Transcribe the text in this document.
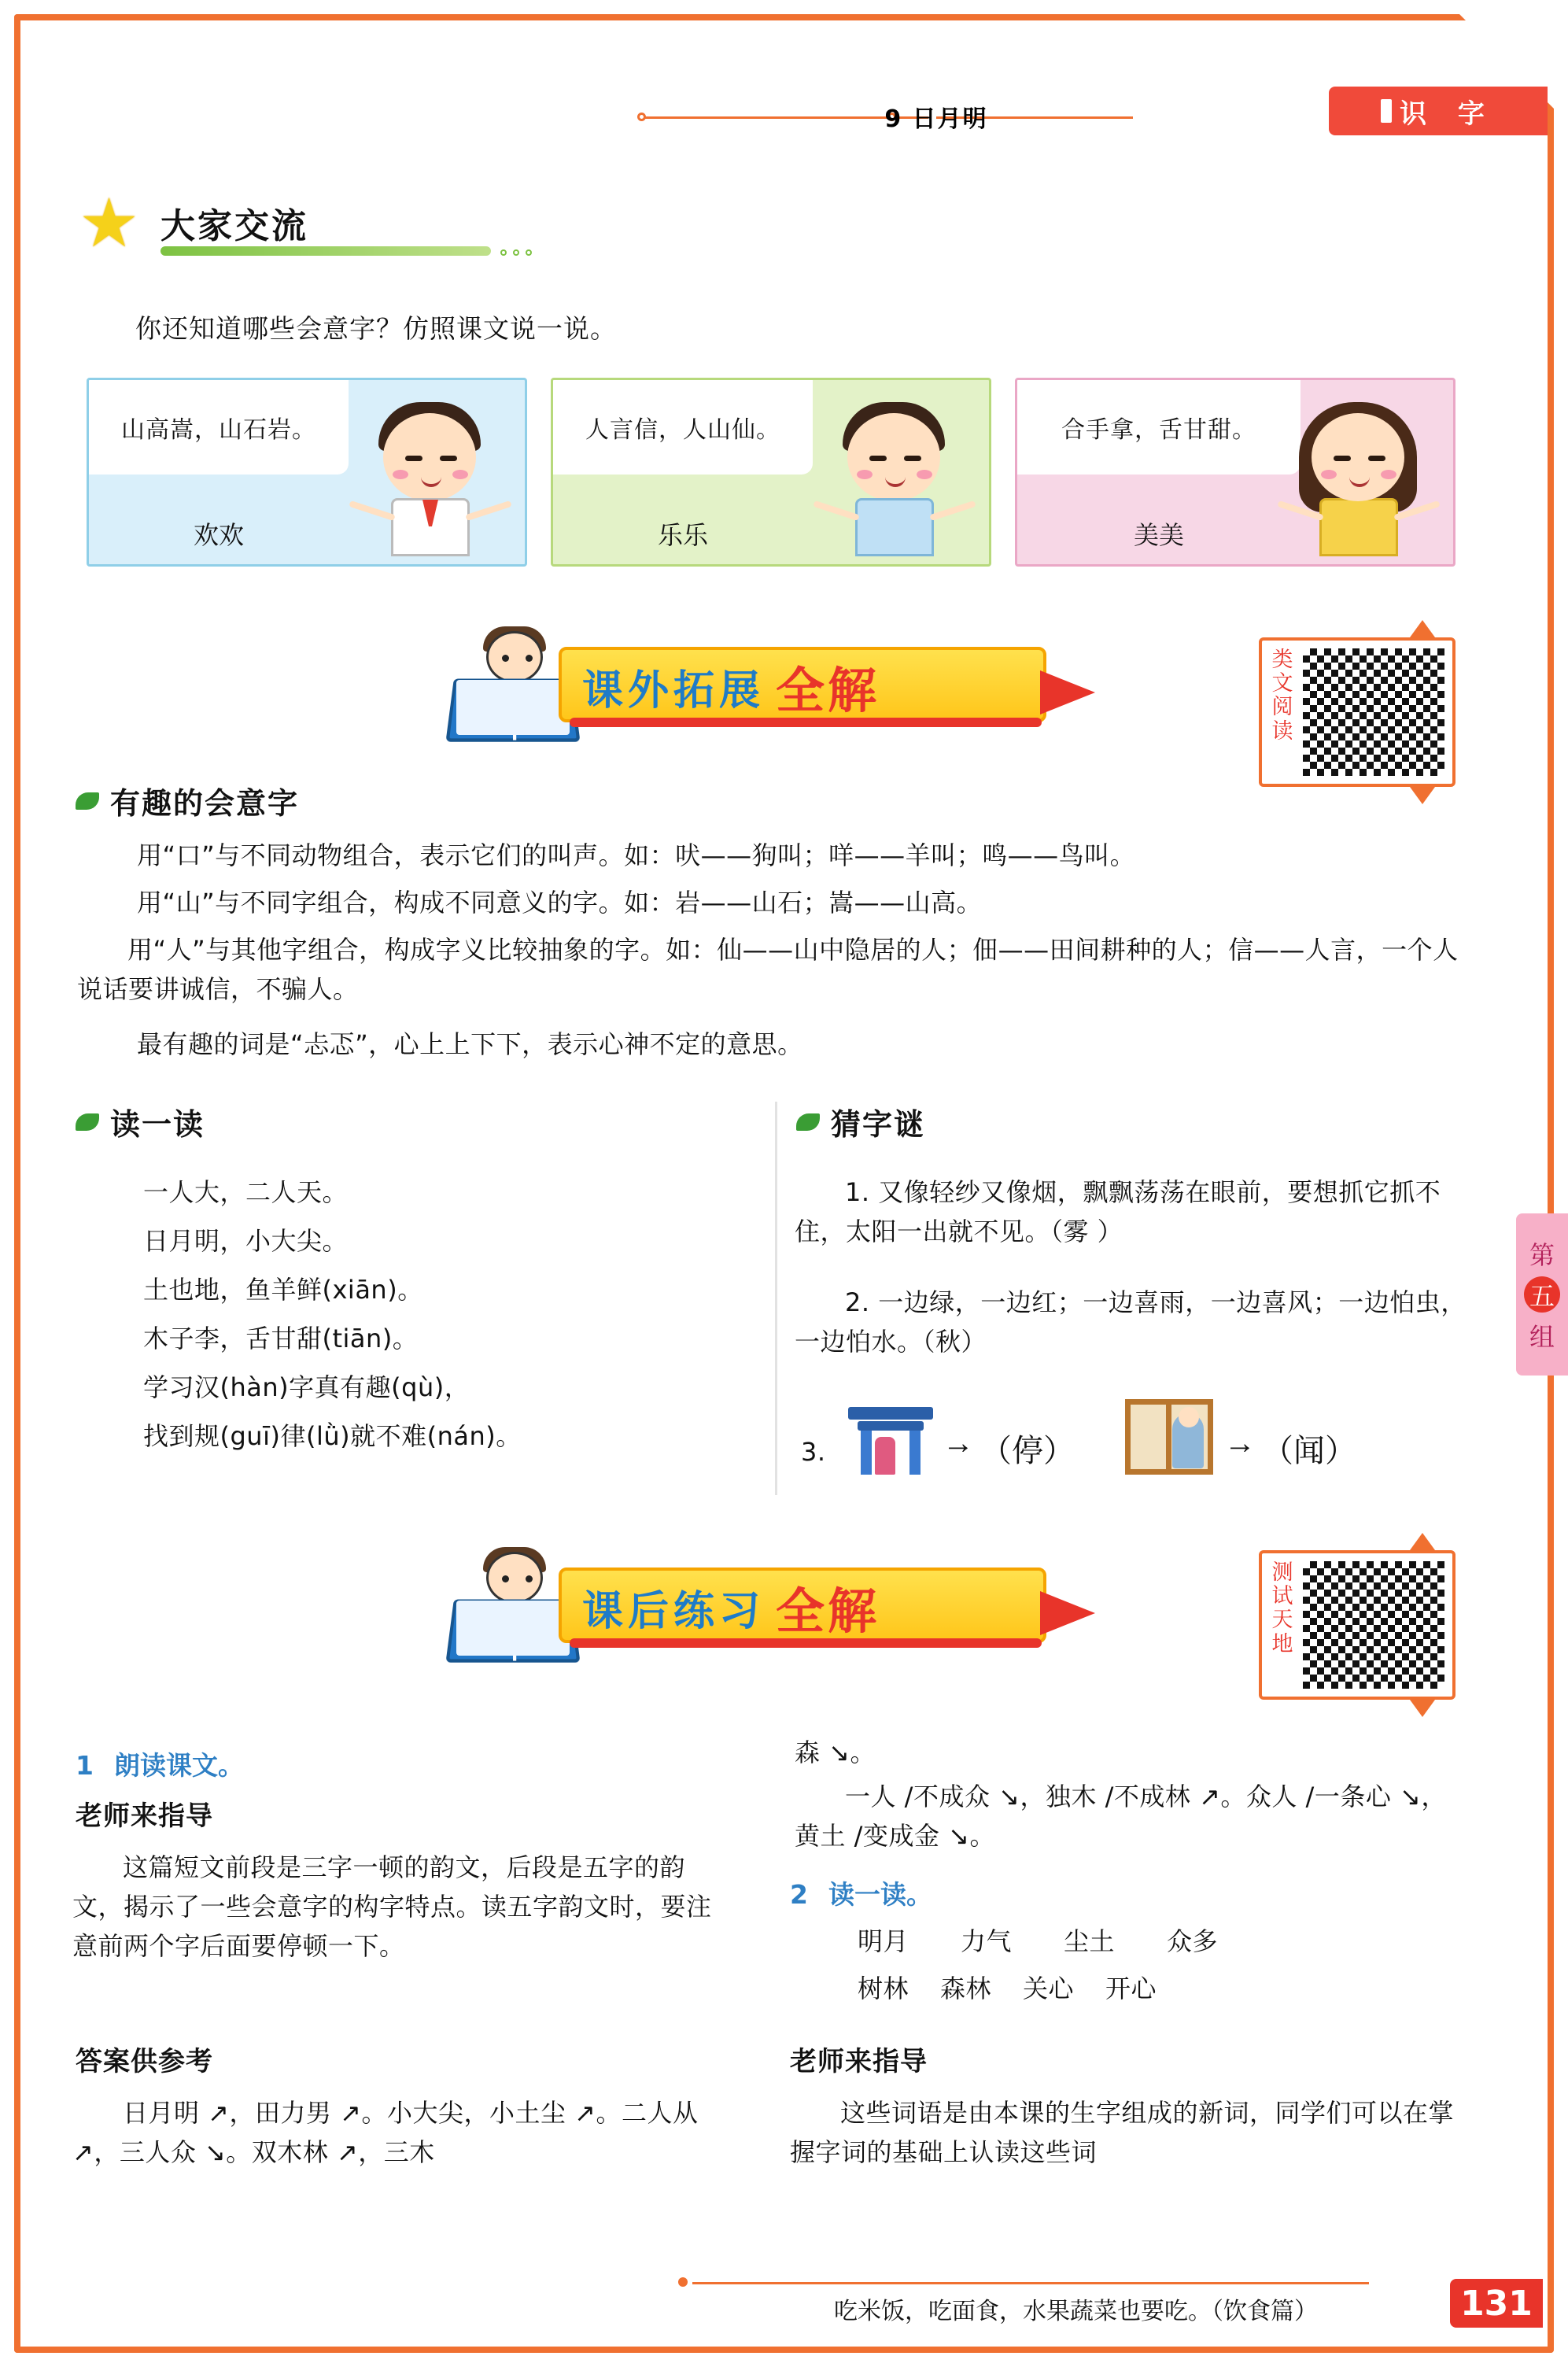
9 日月明	识 字
★ 大家交流
你还知道哪些会意字？仿照课文说一说。
山高嵩，山石岩。
欢欢
人言信，人山仙。
乐乐
合手拿，舌甘甜。
美美
课外拓展 全解
类文阅读
有趣的会意字
用“口”与不同动物组合，表示它们的叫声。如：吠——狗叫；咩——羊叫；鸣——鸟叫。
用“山”与不同字组合，构成不同意义的字。如：岩——山石；嵩——山高。
用“人”与其他字组合，构成字义比较抽象的字。如：仙——山中隐居的人；佃——田间耕种的人；信——人言，一个人说话要讲诚信，不骗人。
最有趣的词是“忐忑”，心上上下下，表示心神不定的意思。
读一读
一人大，二人天。
日月明，小大尖。
土也地，鱼羊鲜(xiān)。
木子李，舌甘甜(tiān)。
学习汉(hàn)字真有趣(qù)，
找到规(guī)律(lǜ)就不难(nán)。
猜字谜
1. 又像轻纱又像烟，飘飘荡荡在眼前，要想抓它抓不住，太阳一出就不见。（雾 ）
2. 一边绿，一边红；一边喜雨，一边喜风；一边怕虫，一边怕水。（秋）
3.	→ （停）	→ （闻）
第
五
组
课后练习 全解
测试天地
1 朗读课文。
老师来指导
这篇短文前段是三字一顿的韵文，后段是五字的韵文，揭示了一些会意字的构字特点。读五字韵文时，要注意前两个字后面要停顿一下。
答案供参考
日月明 ↗，田力男 ↗。小大尖，小土尘 ↗。二人从 ↗，三人众 ↘。双木林 ↗，三木
森 ↘。
一人 /不成众 ↘，独木 /不成林 ↗。众人 /一条心 ↘，黄土 /变成金 ↘。
2 读一读。
明月 力气 尘土 众多
树林 森林 关心 开心
老师来指导
这些词语是由本课的生字组成的新词，同学们可以在掌握字词的基础上认读这些词
吃米饭，吃面食，水果蔬菜也要吃。（饮食篇）	131
